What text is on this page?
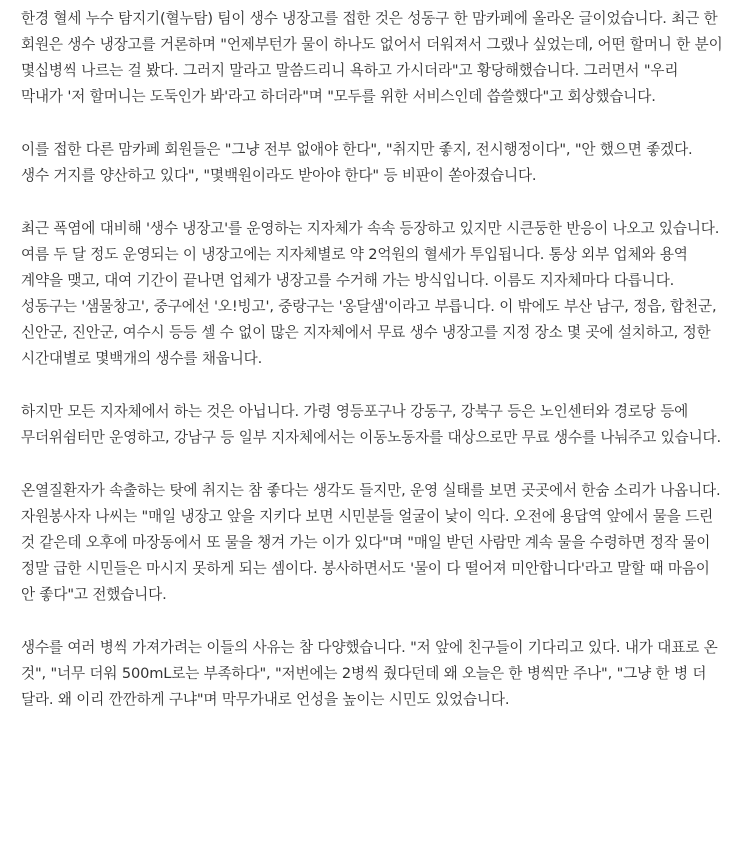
한경 혈세 누수 탐지기(혈누탐) 팀이 생수 냉장고를 접한 것은 성동구 한 맘카페에 올라온 글이었습니다. 최근 한 회원은 생수 냉장고를 거론하며 "언제부턴가 물이 하나도 없어서 더워져서 그랬나 싶었는데, 어떤 할머니 한 분이 몇십병씩 나르는 걸 봤다. 그러지 말라고 말씀드리니 욕하고 가시더라"고 황당해했습니다. 그러면서 "우리 막내가 '저 할머니는 도둑인가 봐'라고 하더라"며 "모두를 위한 서비스인데 씁쓸했다"고 회상했습니다.

이를 접한 다른 맘카페 회원들은 "그냥 전부 없애야 한다", "취지만 좋지, 전시행정이다", "안 했으면 좋겠다. 생수 거지를 양산하고 있다", "몇백원이라도 받아야 한다" 등 비판이 쏟아졌습니다.

최근 폭염에 대비해 '생수 냉장고'를 운영하는 지자체가 속속 등장하고 있지만 시큰둥한 반응이 나오고 있습니다. 여름 두 달 정도 운영되는 이 냉장고에는 지자체별로 약 2억원의 혈세가 투입됩니다. 통상 외부 업체와 용역 계약을 맺고, 대여 기간이 끝나면 업체가 냉장고를 수거해 가는 방식입니다. 이름도 지자체마다 다릅니다. 성동구는 '샘물창고', 중구에선 '오!빙고', 중랑구는 '옹달샘'이라고 부릅니다. 이 밖에도 부산 남구, 정읍, 합천군, 신안군, 진안군, 여수시 등등 셀 수 없이 많은 지자체에서 무료 생수 냉장고를 지정 장소 몇 곳에 설치하고, 정한 시간대별로 몇백개의 생수를 채웁니다.

하지만 모든 지자체에서 하는 것은 아닙니다. 가령 영등포구나 강동구, 강북구 등은 노인센터와 경로당 등에 무더위쉼터만 운영하고, 강남구 등 일부 지자체에서는 이동노동자를 대상으로만 무료 생수를 나눠주고 있습니다.

온열질환자가 속출하는 탓에 취지는 참 좋다는 생각도 들지만, 운영 실태를 보면 곳곳에서 한숨 소리가 나옵니다. 자원봉사자 나씨는 "매일 냉장고 앞을 지키다 보면 시민분들 얼굴이 낯이 익다. 오전에 용답역 앞에서 물을 드린 것 같은데 오후에 마장동에서 또 물을 챙겨 가는 이가 있다"며 "매일 받던 사람만 계속 물을 수령하면 정작 물이 정말 급한 시민들은 마시지 못하게 되는 셈이다. 봉사하면서도 '물이 다 떨어져 미안합니다'라고 말할 때 마음이 안 좋다"고 전했습니다.

생수를 여러 병씩 가져가려는 이들의 사유는 참 다양했습니다. "저 앞에 친구들이 기다리고 있다. 내가 대표로 온 것", "너무 더워 500mL로는 부족하다", "저번에는 2병씩 줬다던데 왜 오늘은 한 병씩만 주나", "그냥 한 병 더 달라. 왜 이리 깐깐하게 구냐"며 막무가내로 언성을 높이는 시민도 있었습니다.
